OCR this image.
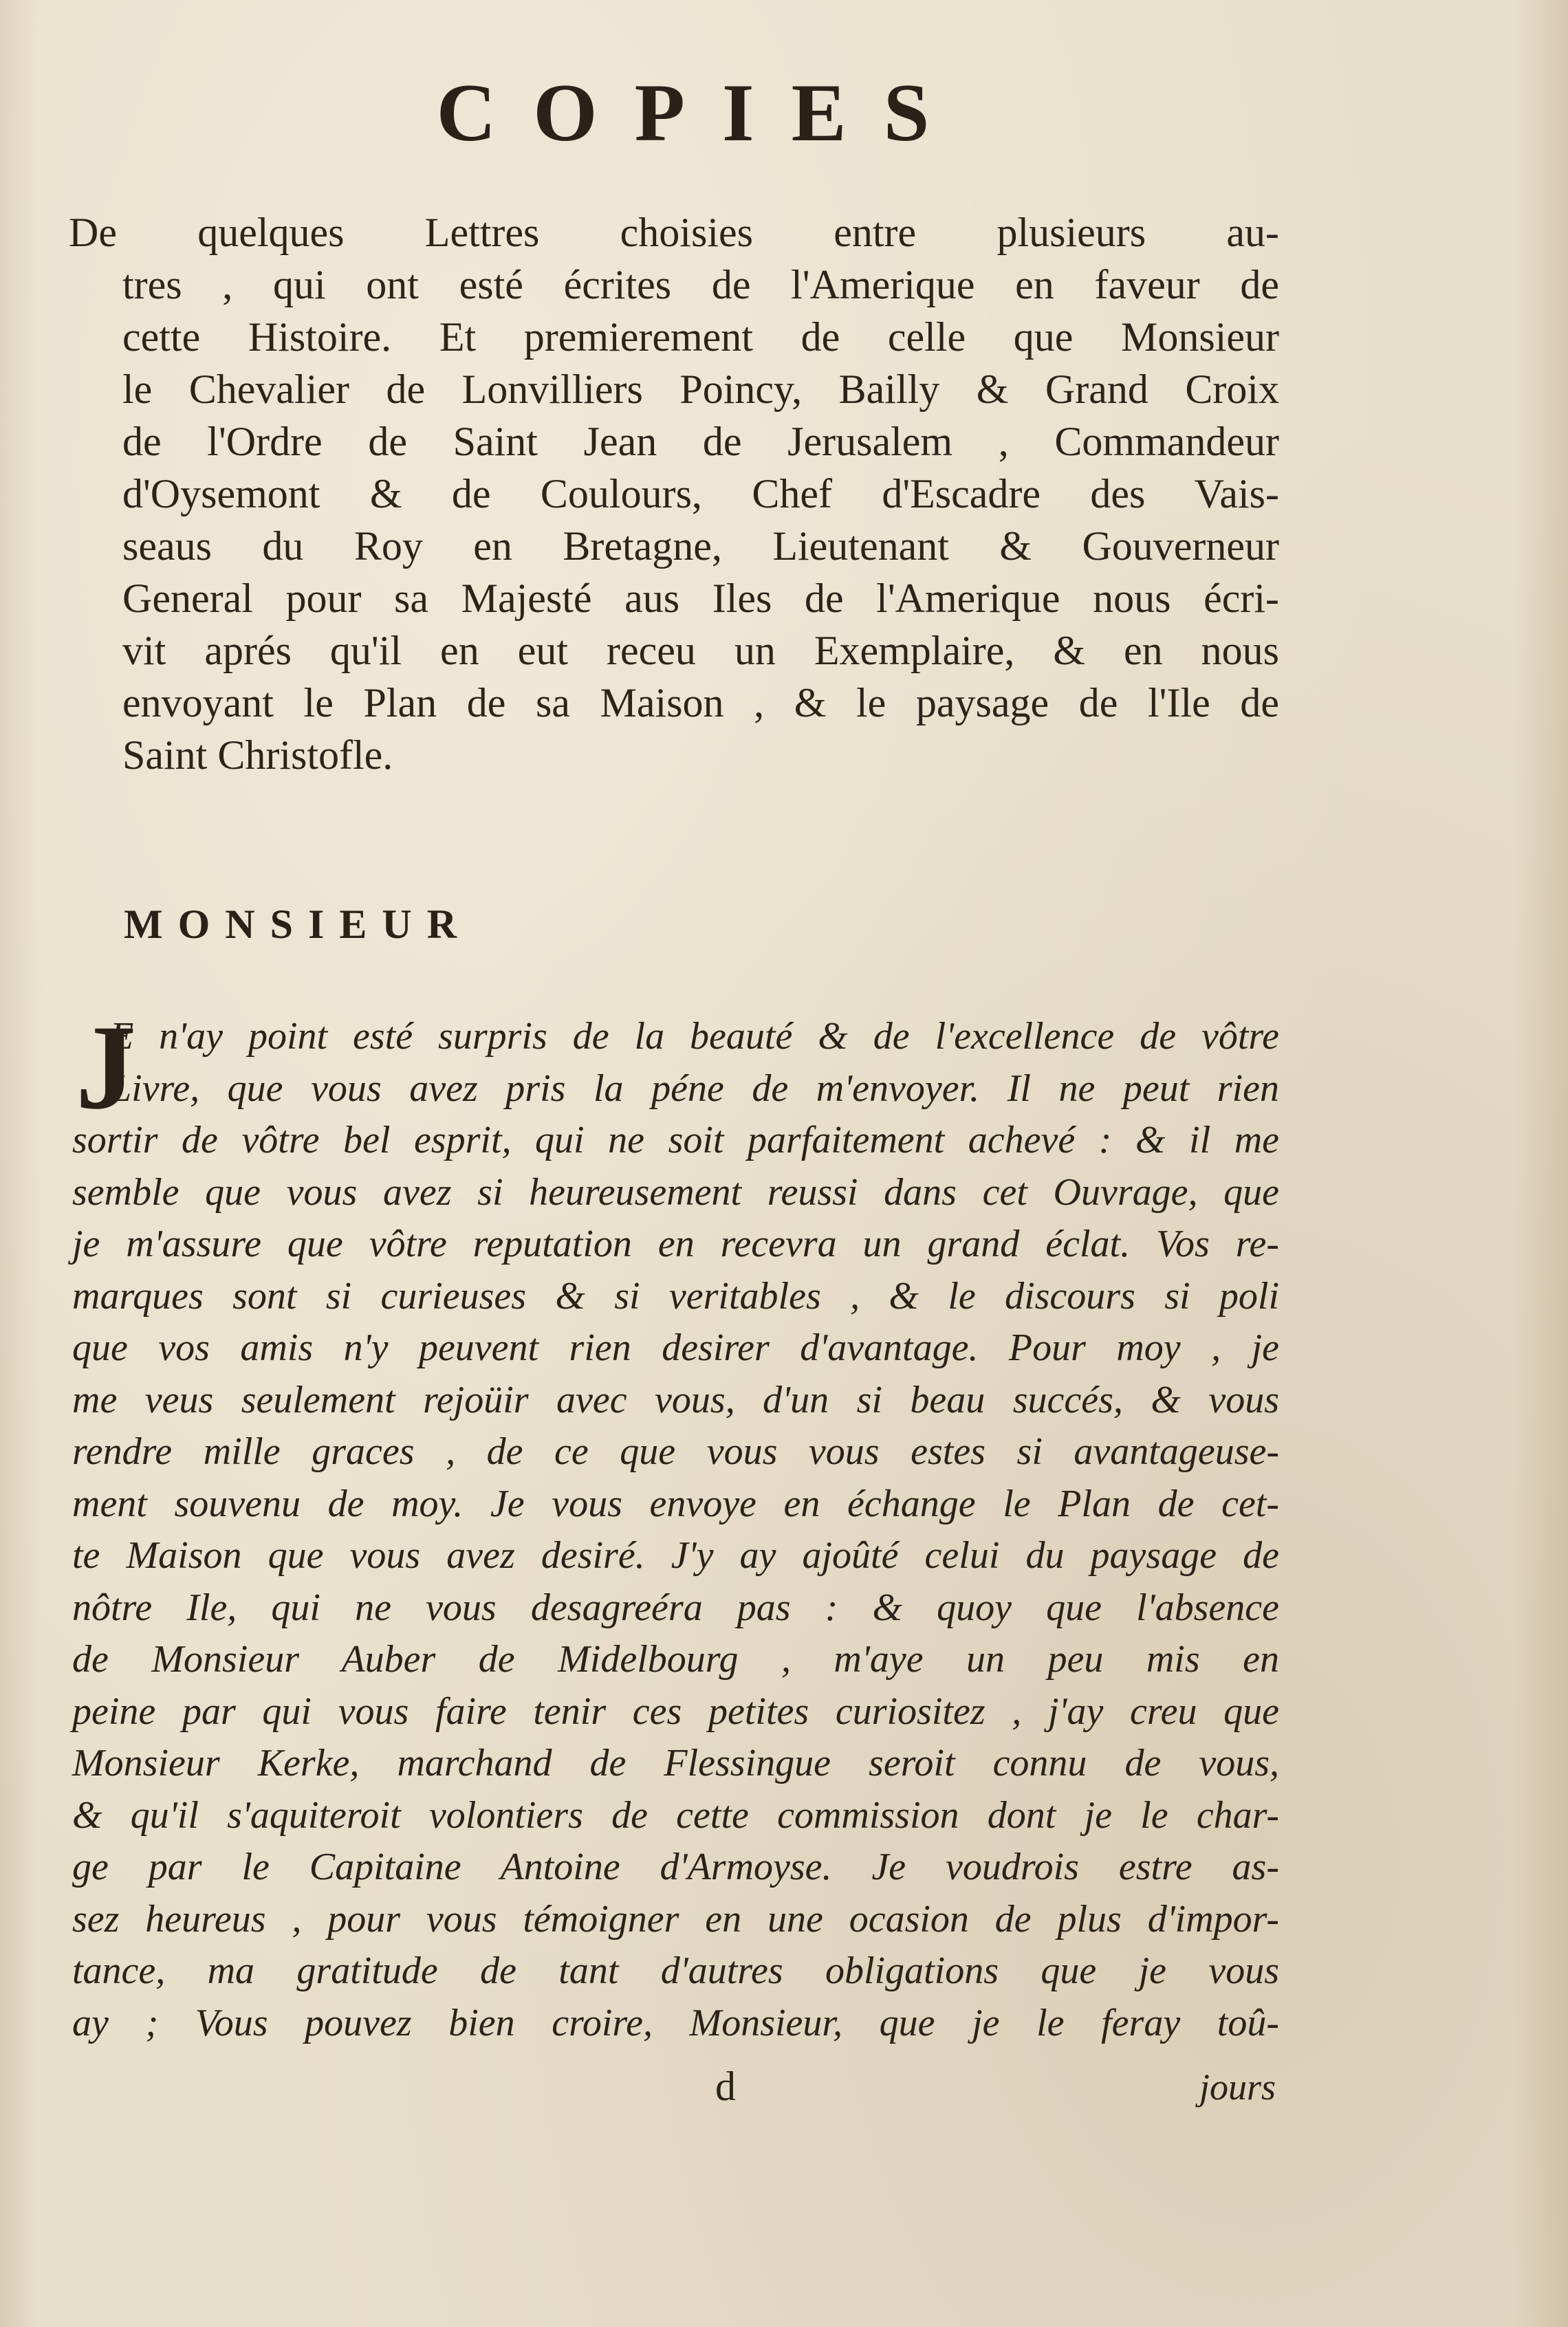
COPIES
De quelques Lettres choisies entre plusieurs au-
tres , qui ont esté écrites de l'Amerique en faveur de
cette Histoire. Et premierement de celle que Monsieur
le Chevalier de Lonvilliers Poincy, Bailly & Grand Croix
de l'Ordre de Saint Jean de Jerusalem , Commandeur
d'Oysemont & de Coulours, Chef d'Escadre des Vais-
seaus du Roy en Bretagne, Lieutenant & Gouverneur
General pour sa Majesté aus Iles de l'Amerique nous écri-
vit aprés qu'il en eut receu un Exemplaire, & en nous
envoyant le Plan de sa Maison , & le paysage de l'Ile de
Saint Christofle.
MONSIEUR
J
E n'ay point esté surpris de la beauté & de l'excellence de vôtre
Livre, que vous avez pris la péne de m'envoyer. Il ne peut rien
sortir de vôtre bel esprit, qui ne soit parfaitement achevé : & il me
semble que vous avez si heureusement reussi dans cet Ouvrage, que
je m'assure que vôtre reputation en recevra un grand éclat. Vos re-
marques sont si curieuses & si veritables , & le discours si poli
que vos amis n'y peuvent rien desirer d'avantage. Pour moy , je
me veus seulement rejoüir avec vous, d'un si beau succés, & vous
rendre mille graces , de ce que vous vous estes si avantageuse-
ment souvenu de moy. Je vous envoye en échange le Plan de cet-
te Maison que vous avez desiré. J'y ay ajoûté celui du paysage de
nôtre Ile, qui ne vous desagreéra pas : & quoy que l'absence
de Monsieur Auber de Midelbourg , m'aye un peu mis en
peine par qui vous faire tenir ces petites curiositez , j'ay creu que
Monsieur Kerke, marchand de Flessingue seroit connu de vous,
& qu'il s'aquiteroit volontiers de cette commission dont je le char-
ge par le Capitaine Antoine d'Armoyse. Je voudrois estre as-
sez heureus , pour vous témoigner en une ocasion de plus d'impor-
tance, ma gratitude de tant d'autres obligations que je vous
ay ; Vous pouvez bien croire, Monsieur, que je le feray toû-
d	jours
